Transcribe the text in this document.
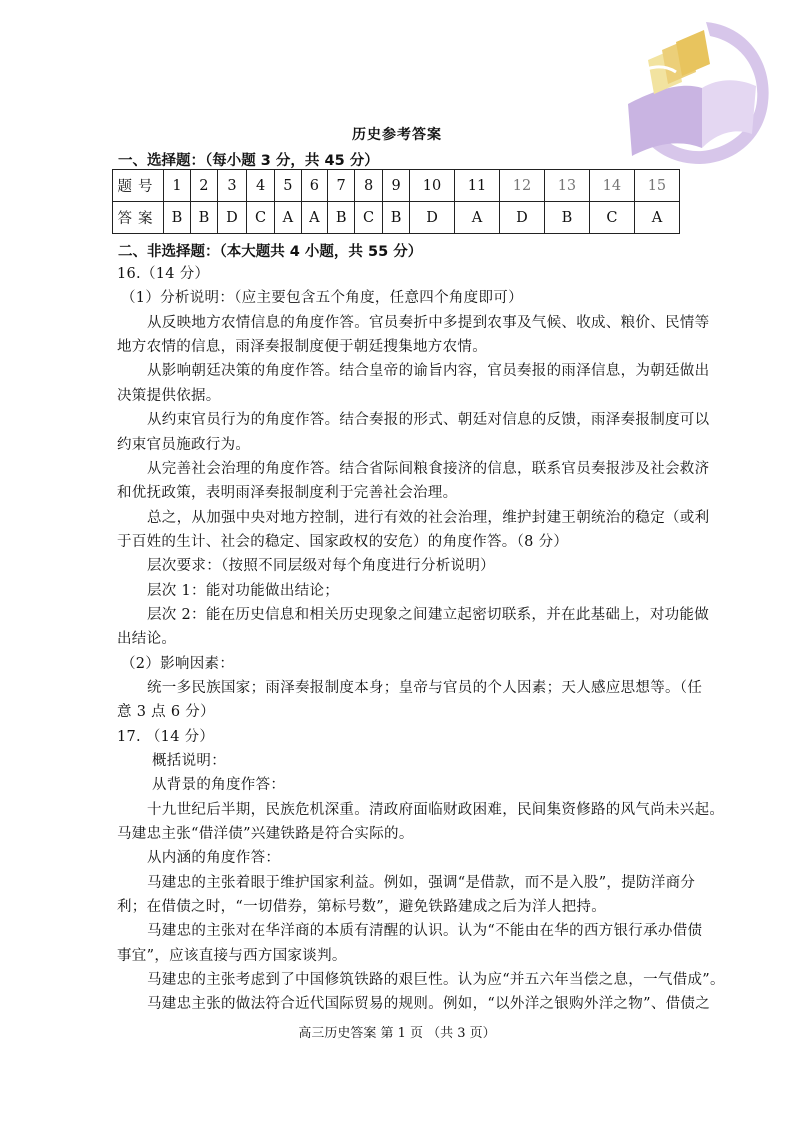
历史参考答案
一、选择题：（每小题 3 分，共 45 分）
题号	1	2	3	4	5	6	7	8	9	10	11	12	13	14	15
答案	B	B	D	C	A	A	B	C	B	D	A	D	B	C	A
二、非选择题：（本大题共 4 小题，共 55 分）
16.（14 分）
（1）分析说明：（应主要包含五个角度，任意四个角度即可）
从反映地方农情信息的角度作答。官员奏折中多提到农事及气候、收成、粮价、民情等
地方农情的信息，雨泽奏报制度便于朝廷搜集地方农情。
从影响朝廷决策的角度作答。结合皇帝的谕旨内容，官员奏报的雨泽信息，为朝廷做出
决策提供依据。
从约束官员行为的角度作答。结合奏报的形式、朝廷对信息的反馈，雨泽奏报制度可以
约束官员施政行为。
从完善社会治理的角度作答。结合省际间粮食接济的信息，联系官员奏报涉及社会救济
和优抚政策，表明雨泽奏报制度利于完善社会治理。
总之，从加强中央对地方控制，进行有效的社会治理，维护封建王朝统治的稳定（或利
于百姓的生计、社会的稳定、国家政权的安危）的角度作答。（8 分）
层次要求：（按照不同层级对每个角度进行分析说明）
层次 1：能对功能做出结论；
层次 2：能在历史信息和相关历史现象之间建立起密切联系，并在此基础上，对功能做
出结论。
（2）影响因素：
统一多民族国家；雨泽奏报制度本身；皇帝与官员的个人因素；天人感应思想等。（任
意 3 点 6 分）
17. （14 分）
概括说明：
从背景的角度作答：
十九世纪后半期，民族危机深重。清政府面临财政困难，民间集资修路的风气尚未兴起。
马建忠主张“借洋债”兴建铁路是符合实际的。
从内涵的角度作答：
马建忠的主张着眼于维护国家利益。例如，强调“是借款，而不是入股”，提防洋商分
利；在借债之时，“一切借券，第标号数”，避免铁路建成之后为洋人把持。
马建忠的主张对在华洋商的本质有清醒的认识。认为“不能由在华的西方银行承办借债
事宜”，应该直接与西方国家谈判。
马建忠的主张考虑到了中国修筑铁路的艰巨性。认为应“并五六年当偿之息，一气借成”。
马建忠主张的做法符合近代国际贸易的规则。例如，“以外洋之银购外洋之物”、借债之
高三历史答案 第 1 页 （共 3 页）
